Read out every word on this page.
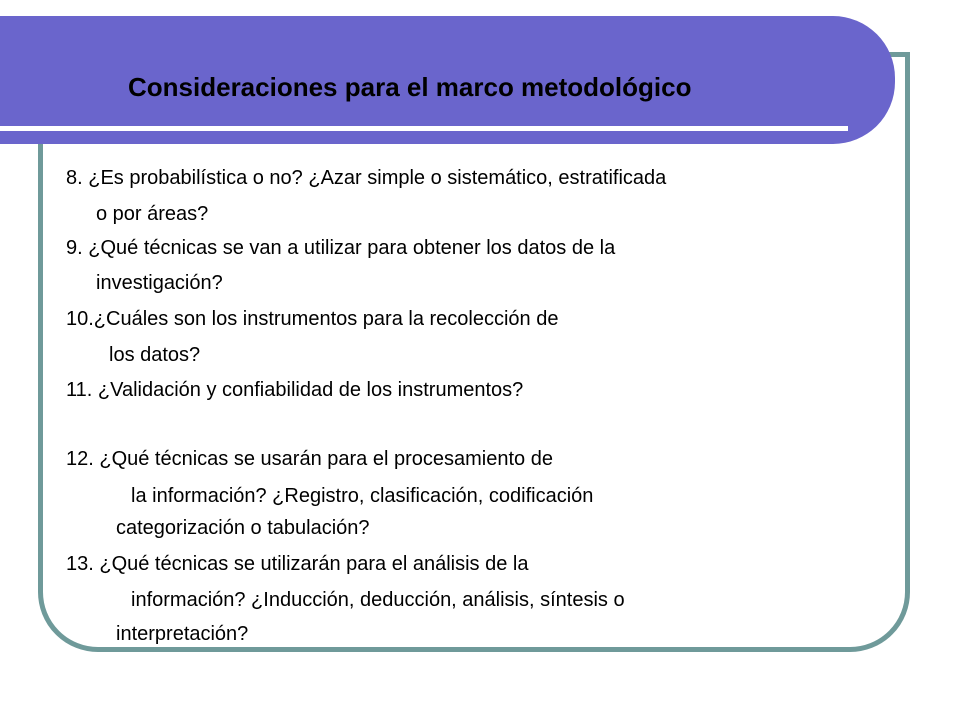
Consideraciones para el marco metodológico
8. ¿Es probabilística o no? ¿Azar simple o sistemático, estratificada
o por áreas?
9. ¿Qué técnicas se van a utilizar para obtener los datos de la
investigación?
10.¿Cuáles son los instrumentos para la recolección de
los datos?
11. ¿Validación y confiabilidad de los instrumentos?
12. ¿Qué técnicas se usarán para el procesamiento de
la información? ¿Registro, clasificación, codificación
categorización o tabulación?
13. ¿Qué técnicas se utilizarán para el análisis de la
información? ¿Inducción, deducción, análisis, síntesis o
interpretación?
